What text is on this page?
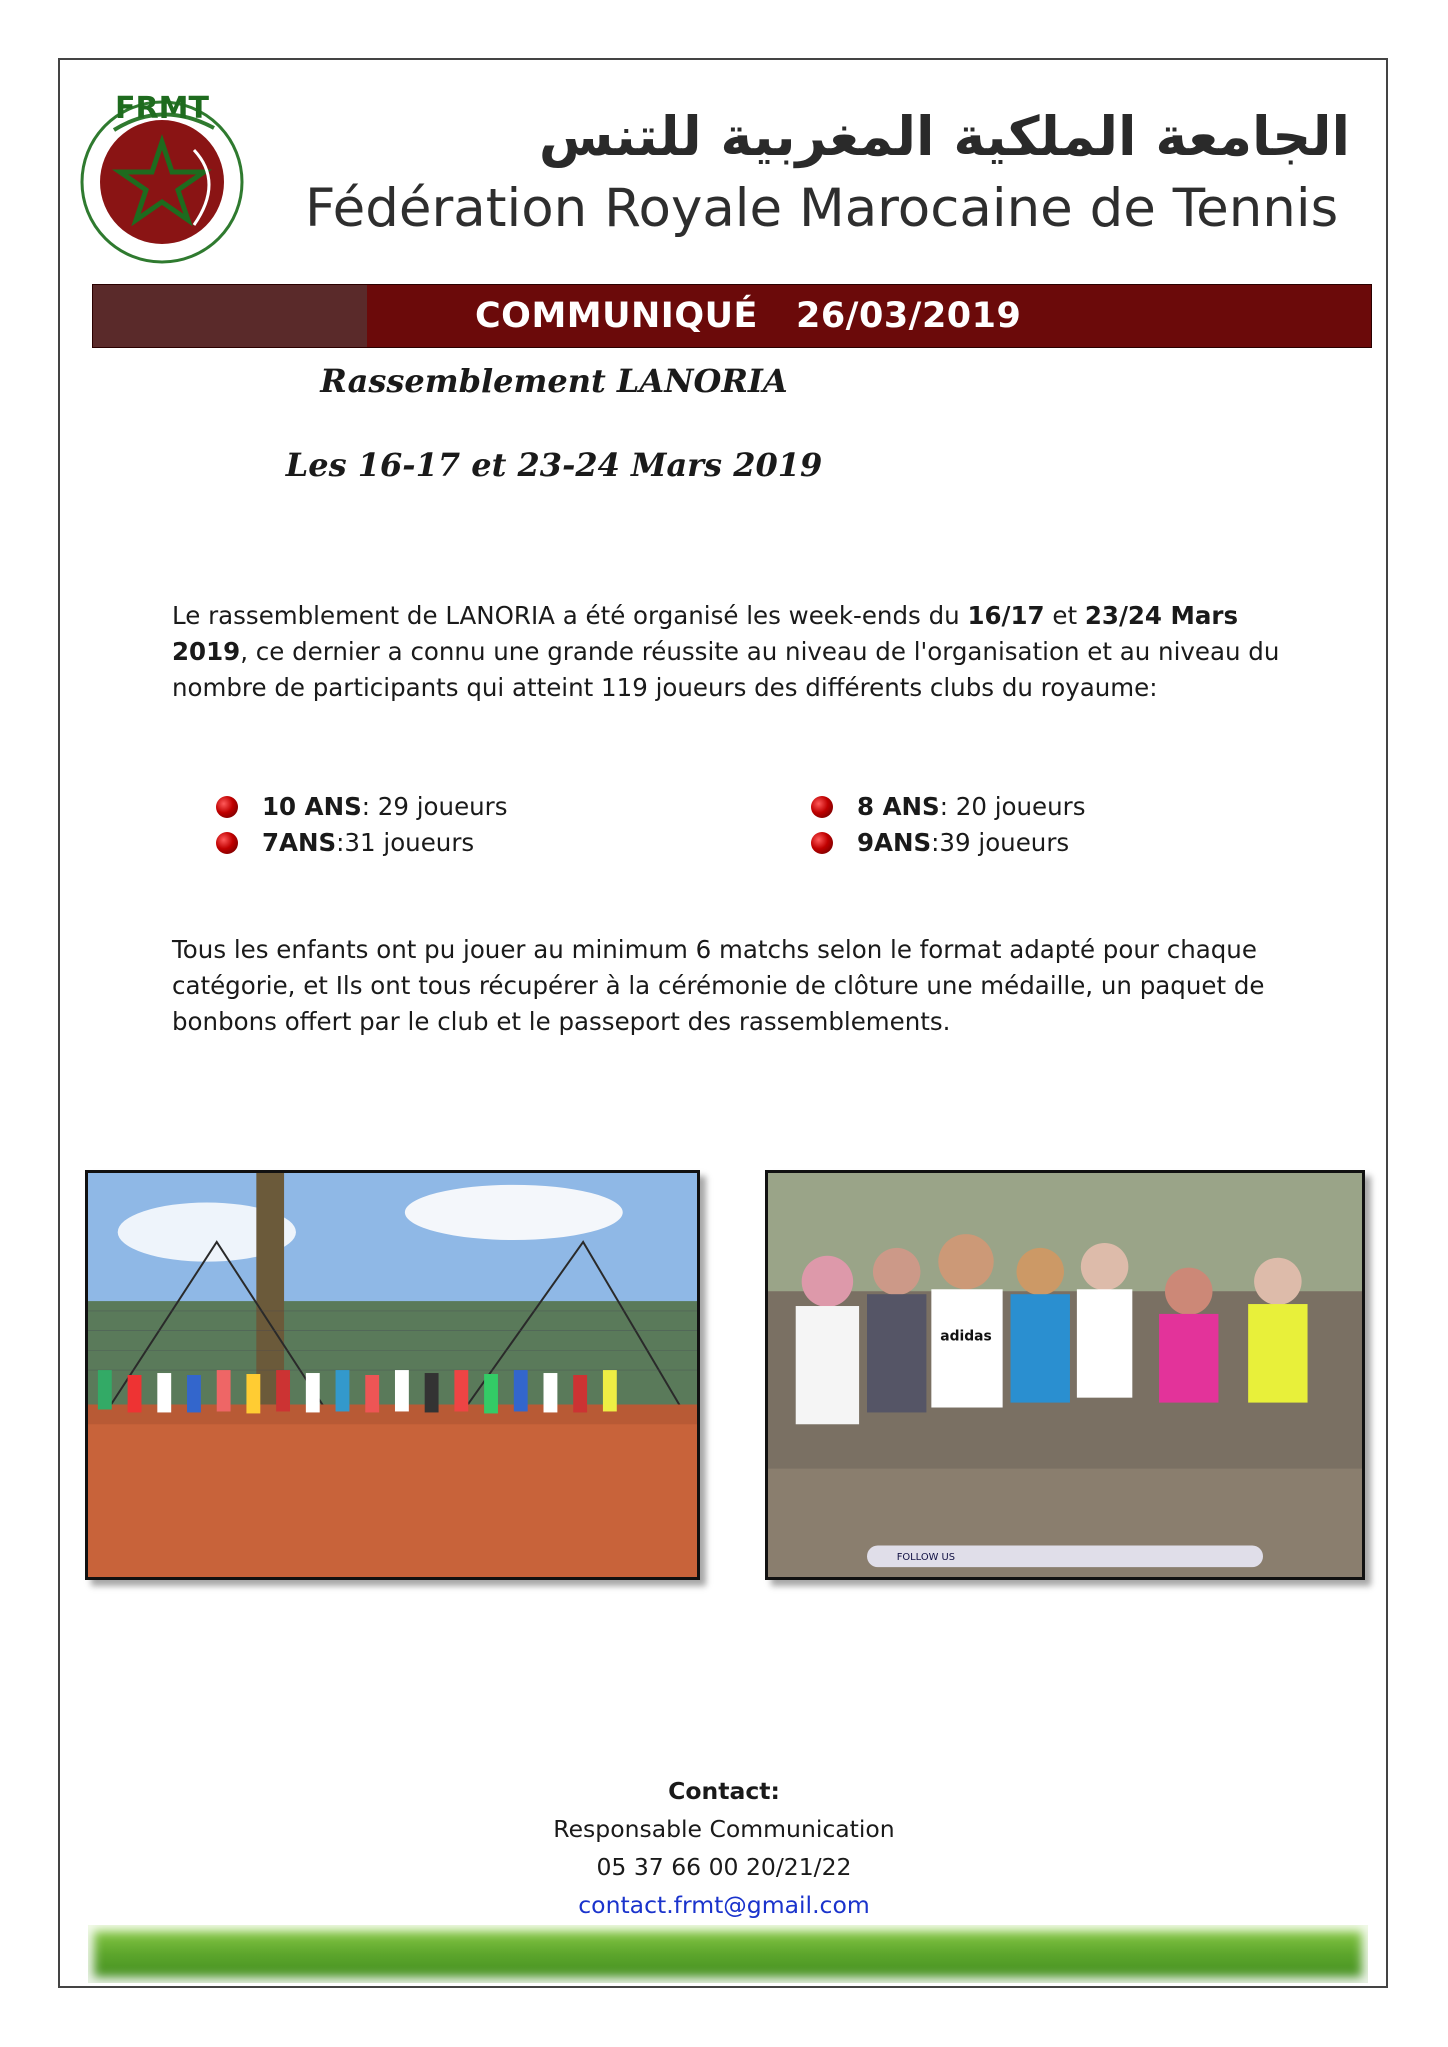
FRMT	الجامعة الملكية المغربية للتنس
Fédération Royale Marocaine de Tennis
COMMUNIQUÉ   26/03/2019
Rassemblement LANORIA
Les 16-17 et 23-24 Mars 2019
Le rassemblement de LANORIA a été organisé les week-ends du 16/17 et 23/24 Mars 2019, ce dernier a connu une grande réussite au niveau de l'organisation et au niveau du nombre de participants qui atteint 119 joueurs des différents clubs du royaume:
10 ANS : 29 joueurs
7ANS :31 joueurs
8 ANS : 20 joueurs
9ANS :39 joueurs
Tous les enfants ont pu jouer au minimum 6 matchs selon le format adapté pour chaque catégorie, et Ils ont tous récupérer à la cérémonie de clôture une médaille, un paquet de bonbons offert par le club et le passeport des rassemblements.
adidas
FOLLOW US
Contact:
Responsable Communication
05 37 66 00 20/21/22
contact.frmt@gmail.com
